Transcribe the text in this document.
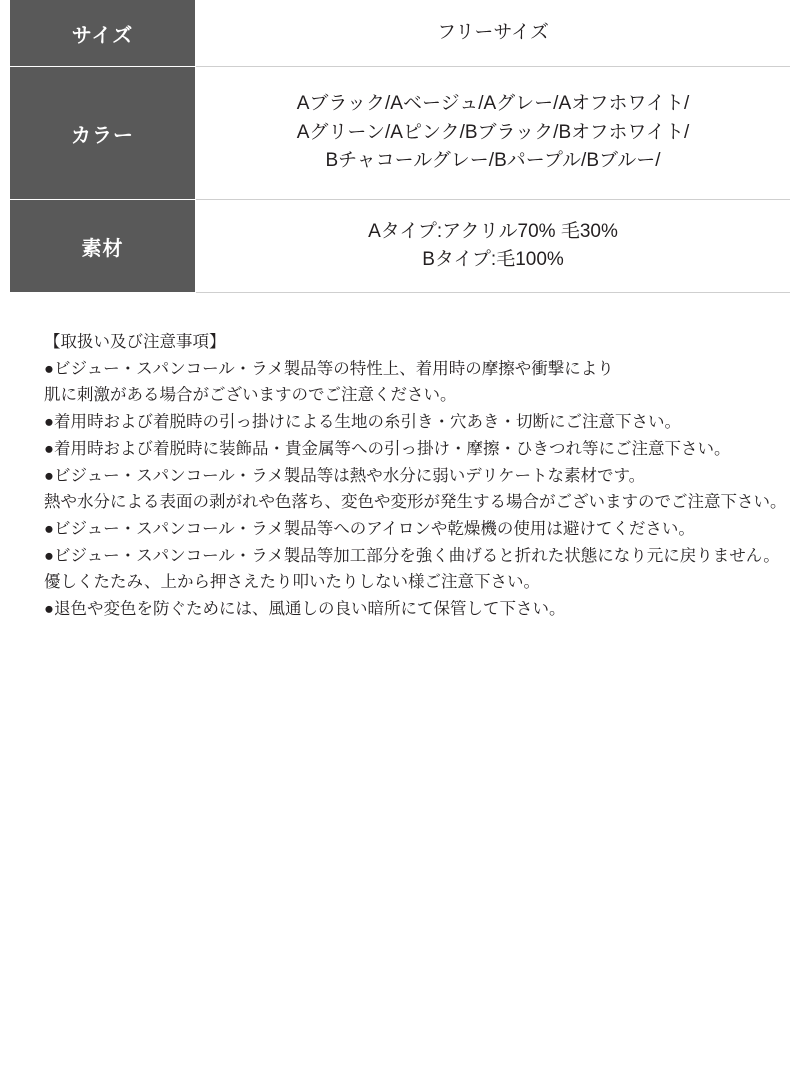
サイズ	フリーサイズ

カラー	Aブラック/Aベージュ/Aグレー/Aオフホワイト/
Aグリーン/Aピンク/Bブラック/Bオフホワイト/
Bチャコールグレー/Bパープル/Bブルー/

素材	Aタイプ:アクリル70% 毛30%
Bタイプ:毛100%
【取扱い及び注意事項】
●ビジュー・スパンコール・ラメ製品等の特性上、着用時の摩擦や衝撃により
肌に刺激がある場合がございますのでご注意ください。
●着用時および着脱時の引っ掛けによる生地の糸引き・穴あき・切断にご注意下さい。
●着用時および着脱時に装飾品・貴金属等への引っ掛け・摩擦・ひきつれ等にご注意下さい。
●ビジュー・スパンコール・ラメ製品等は熱や水分に弱いデリケートな素材です。
熱や水分による表面の剥がれや色落ち、変色や変形が発生する場合がございますのでご注意下さい。
●ビジュー・スパンコール・ラメ製品等へのアイロンや乾燥機の使用は避けてください。
●ビジュー・スパンコール・ラメ製品等加工部分を強く曲げると折れた状態になり元に戻りません。
優しくたたみ、上から押さえたり叩いたりしない様ご注意下さい。
●退色や変色を防ぐためには、風通しの良い暗所にて保管して下さい。
